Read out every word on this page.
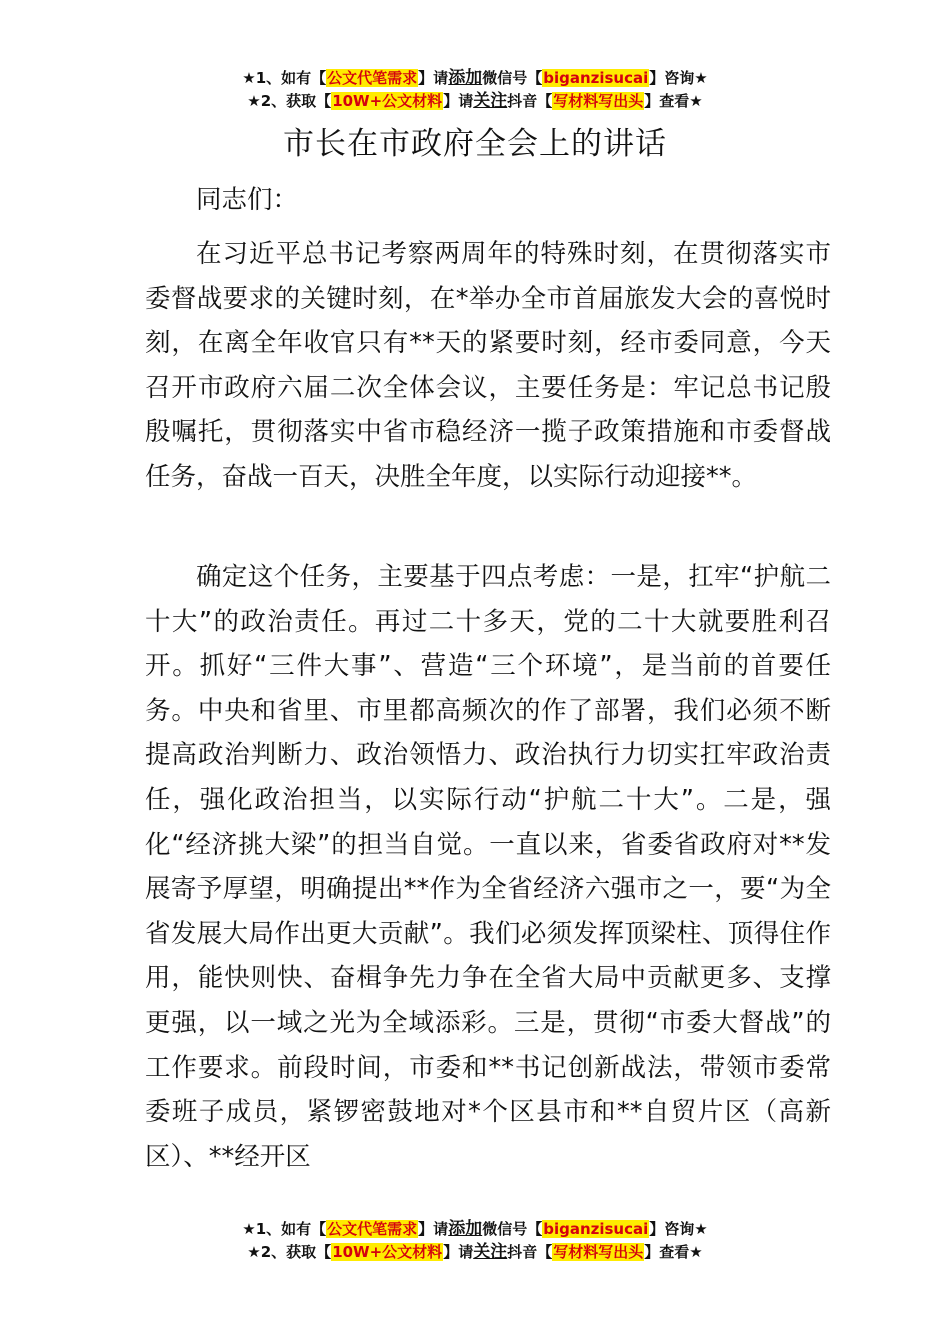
★1、如有【公文代笔需求】请添加微信号【biganzisucai】咨询★
★2、获取【10W+公文材料】请关注抖音【写材料写出头】查看★
市长在市政府全会上的讲话

同志们：

在习近平总书记考察两周年的特殊时刻，在贯彻落实市委督战要求的关键时刻，在*举办全市首届旅发大会的喜悦时刻，在离全年收官只有**天的紧要时刻，经市委同意，今天召开市政府六届二次全体会议，主要任务是：牢记总书记殷殷嘱托，贯彻落实中省市稳经济一揽子政策措施和市委督战任务，奋战一百天，决胜全年度，以实际行动迎接**。

确定这个任务，主要基于四点考虑：一是，扛牢“护航二十大”的政治责任。再过二十多天，党的二十大就要胜利召开。抓好“三件大事”、营造“三个环境”，是当前的首要任务。中央和省里、市里都高频次的作了部署，我们必须不断提高政治判断力、政治领悟力、政治执行力切实扛牢政治责任，强化政治担当，以实际行动“护航二十大”。二是，强化“经济挑大梁”的担当自觉。一直以来，省委省政府对**发展寄予厚望，明确提出**作为全省经济六强市之一，要“为全省发展大局作出更大贡献”。我们必须发挥顶梁柱、顶得住作用，能快则快、奋楫争先力争在全省大局中贡献更多、支撑更强，以一域之光为全域添彩。三是，贯彻“市委大督战”的工作要求。前段时间，市委和**书记创新战法，带领市委常委班子成员，紧锣密鼓地对*个区县市和**自贸片区（高新区）、**经开区

★1、如有【公文代笔需求】请添加微信号【biganzisucai】咨询★
★2、获取【10W+公文材料】请关注抖音【写材料写出头】查看★
